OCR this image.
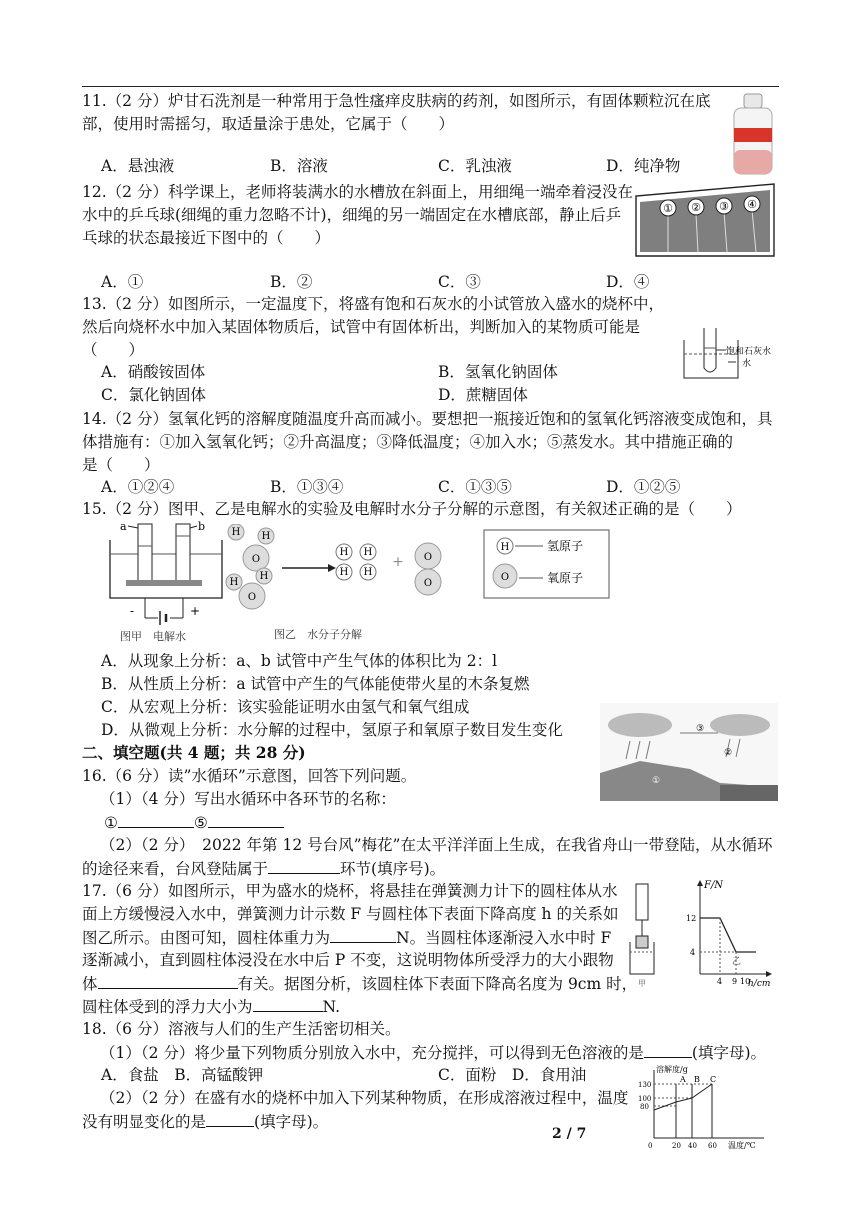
11.（2 分）炉甘石洗剂是一种常用于急性瘙痒皮肤病的药剂，如图所示，有固体颗粒沉在底
部，使用时需摇匀，取适量涂于患处，它属于（　　）
A．悬浊液	B．溶液	C．乳浊液	D．纯净物
12.（2 分）科学课上，老师将装满水的水槽放在斜面上，用细绳一端牵着浸没在
水中的乒乓球(细绳的重力忽略不计)，细绳的另一端固定在水槽底部，静止后乒
乓球的状态最接近下图中的（　　）
A．①	B．②	C．③	D．④
① ② ③ ④
13.（2 分）如图所示，一定温度下，将盛有饱和石灰水的小试管放入盛水的烧杯中，
然后向烧杯水中加入某固体物质后，试管中有固体析出，判断加入的某物质可能是
（　　）
A．硝酸铵固体	B．氢氧化钠固体
C．氯化钠固体	D．蔗糖固体
饱和石灰水
水
14.（2 分）氢氧化钙的溶解度随温度升高而减小。要想把一瓶接近饱和的氢氧化钙溶液变成饱和，具
体措施有：①加入氢氧化钙；②升高温度；③降低温度；④加入水；⑤蒸发水。其中措施正确的
是（　　）
A．①②④	B．①③④	C．①③⑤	D．①②⑤
15.（2 分）图甲、乙是电解水的实验及电解时水分子分解的示意图，有关叙述正确的是（　　）
a	b
-	+
图甲　电解水
H H
O
H
H
O
H H
H H
O
O
+
图乙　水分子分解
H	氢原子
O	氧原子
A．从现象上分析：a、b 试管中产生气体的体积比为 2：l
B．从性质上分析：a 试管中产生的气体能使带火星的木条复燃
C．从宏观上分析：该实验能证明水由氢气和氧气组成
D．从微观上分析：水分解的过程中，氢原子和氧原子数目发生变化
二、填空题(共 4 题；共 28 分)
16.（6 分）读”水循环”示意图，回答下列问题。
（1）（4 分）写出水循环中各环节的名称：
①	⑤
（2）（2 分）　2022 年第 12 号台风”梅花”在太平洋洋面上生成，在我省舟山一带登陆，从水循环
的途径来看，台风登陆属于	环节(填序号)。
③
②
①
17.（6 分）如图所示，甲为盛水的烧杯，将悬挂在弹簧测力计下的圆柱体从水
面上方缓慢浸入水中，弹簧测力计示数 F 与圆柱体下表面下降高度 h 的关系如
图乙所示。由图可知，圆柱体重力为	N。当圆柱体逐渐浸入水中时 F
逐渐减小，直到圆柱体浸没在水中后 P 不变，这说明物体所受浮力的大小跟物
体	有关。据图分析，该圆柱体下表面下降高名度为 9cm 时，
圆柱体受到的浮力大小为	N.
甲
F/N
12
4
4 9 10
h/cm
乙
18.（6 分）溶液与人们的生产生活密切相关。
（1）（2 分）将少量下列物质分别放入水中，充分搅拌，可以得到无色溶液的是	(填字母)。
A．食盐　B．高锰酸钾	C．面粉　D．食用油
（2）（2 分）在盛有水的烧杯中加入下列某种物质，在形成溶液过程中，温度
没有明显变化的是	(填字母)。
溶解度/g
A B C
130
100
80
0	20 40 60 温度/℃
2 / 7
